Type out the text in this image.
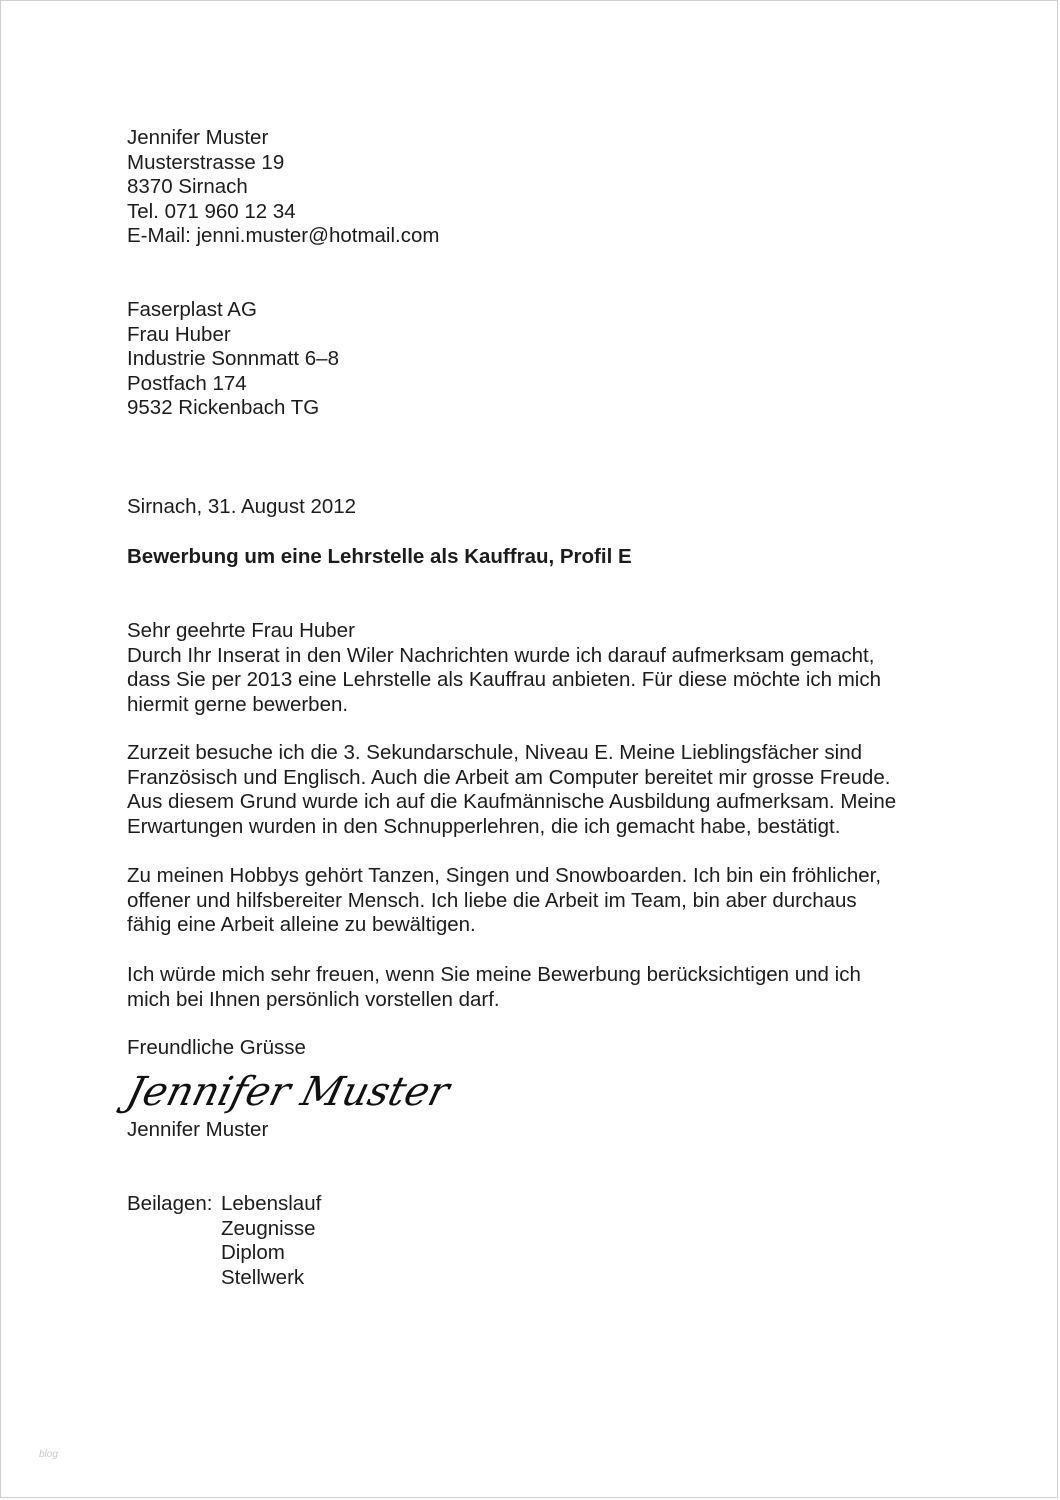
Jennifer Muster
Musterstrasse 19
8370 Sirnach
Tel. 071 960 12 34
E-Mail: jenni.muster@hotmail.com
Faserplast AG
Frau Huber
Industrie Sonnmatt 6–8
Postfach 174
9532 Rickenbach TG
Sirnach, 31. August 2012
Bewerbung um eine Lehrstelle als Kauffrau, Profil E
Sehr geehrte Frau Huber
Durch Ihr Inserat in den Wiler Nachrichten wurde ich darauf aufmerksam gemacht,
dass Sie per 2013 eine Lehrstelle als Kauffrau anbieten. Für diese möchte ich mich
hiermit gerne bewerben.
Zurzeit besuche ich die 3. Sekundarschule, Niveau E. Meine Lieblingsfächer sind
Französisch und Englisch. Auch die Arbeit am Computer bereitet mir grosse Freude.
Aus diesem Grund wurde ich auf die Kaufmännische Ausbildung aufmerksam. Meine
Erwartungen wurden in den Schnupperlehren, die ich gemacht habe, bestätigt.
Zu meinen Hobbys gehört Tanzen, Singen und Snowboarden. Ich bin ein fröhlicher,
offener und hilfsbereiter Mensch. Ich liebe die Arbeit im Team, bin aber durchaus
fähig eine Arbeit alleine zu bewältigen.
Ich würde mich sehr freuen, wenn Sie meine Bewerbung berücksichtigen und ich
mich bei Ihnen persönlich vorstellen darf.
Freundliche Grüsse
Jennifer Muster
Jennifer Muster
Beilagen: Lebenslauf
Zeugnisse
Diplom
Stellwerk
blog
